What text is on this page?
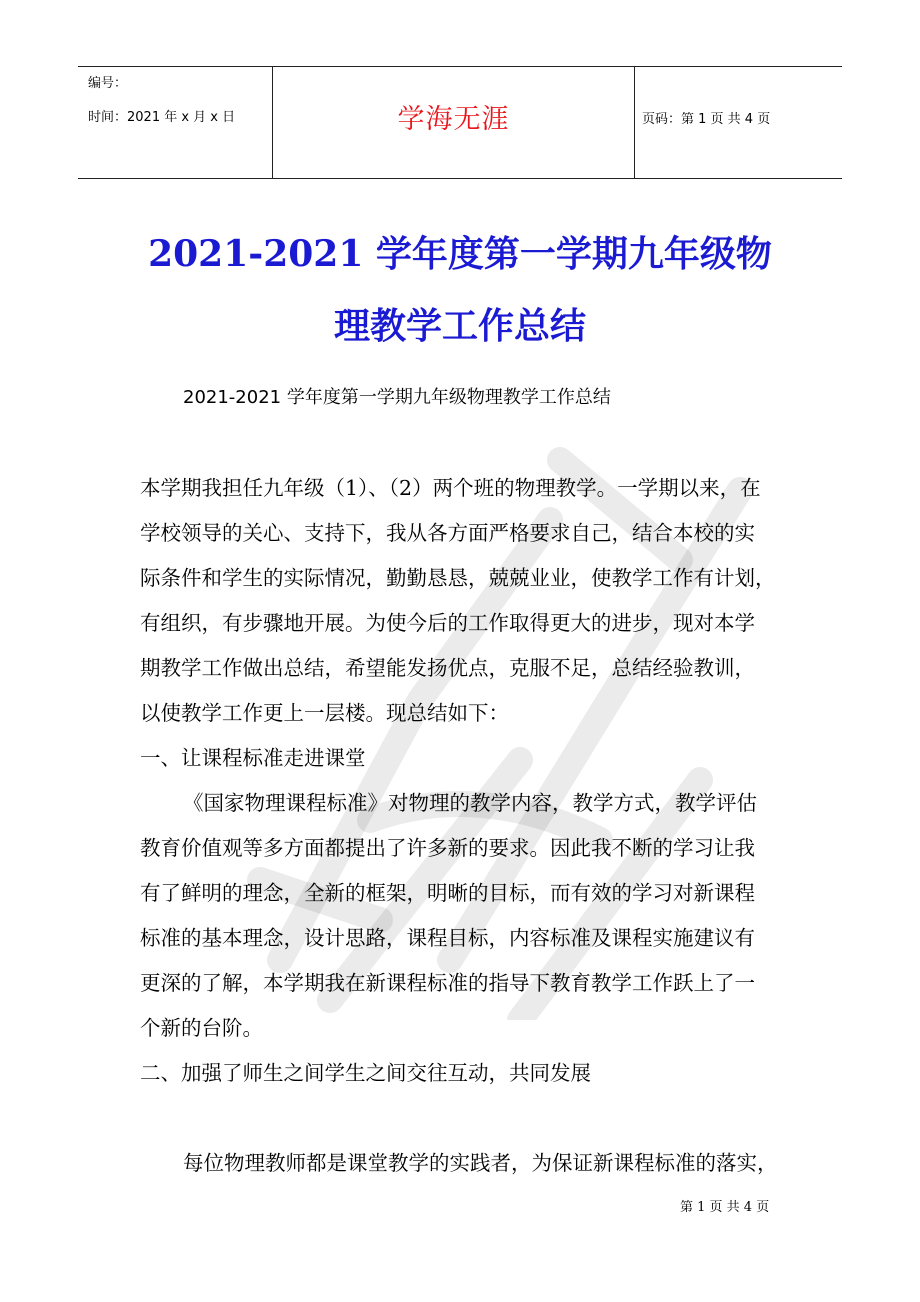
编号：
时间：2021 年 x 月 x 日	学海无涯	页码：第 1 页 共 4 页
2021-2021 学年度第一学期九年级物
理教学工作总结
2021-2021 学年度第一学期九年级物理教学工作总结
本学期我担任九年级（1）、（2）两个班的物理教学。一学期以来，在
学校领导的关心、支持下，我从各方面严格要求自己，结合本校的实
际条件和学生的实际情况，勤勤恳恳，兢兢业业，使教学工作有计划，
有组织，有步骤地开展。为使今后的工作取得更大的进步，现对本学
期教学工作做出总结，希望能发扬优点，克服不足，总结经验教训，
以使教学工作更上一层楼。现总结如下：
一、让课程标准走进课堂
《国家物理课程标准》对物理的教学内容，教学方式，教学评估
教育价值观等多方面都提出了许多新的要求。因此我不断的学习让我
有了鲜明的理念，全新的框架，明晰的目标，而有效的学习对新课程
标准的基本理念，设计思路，课程目标，内容标准及课程实施建议有
更深的了解，本学期我在新课程标准的指导下教育教学工作跃上了一
个新的台阶。
二、加强了师生之间学生之间交往互动，共同发展
每位物理教师都是课堂教学的实践者，为保证新课程标准的落实，
第 1 页 共 4 页
